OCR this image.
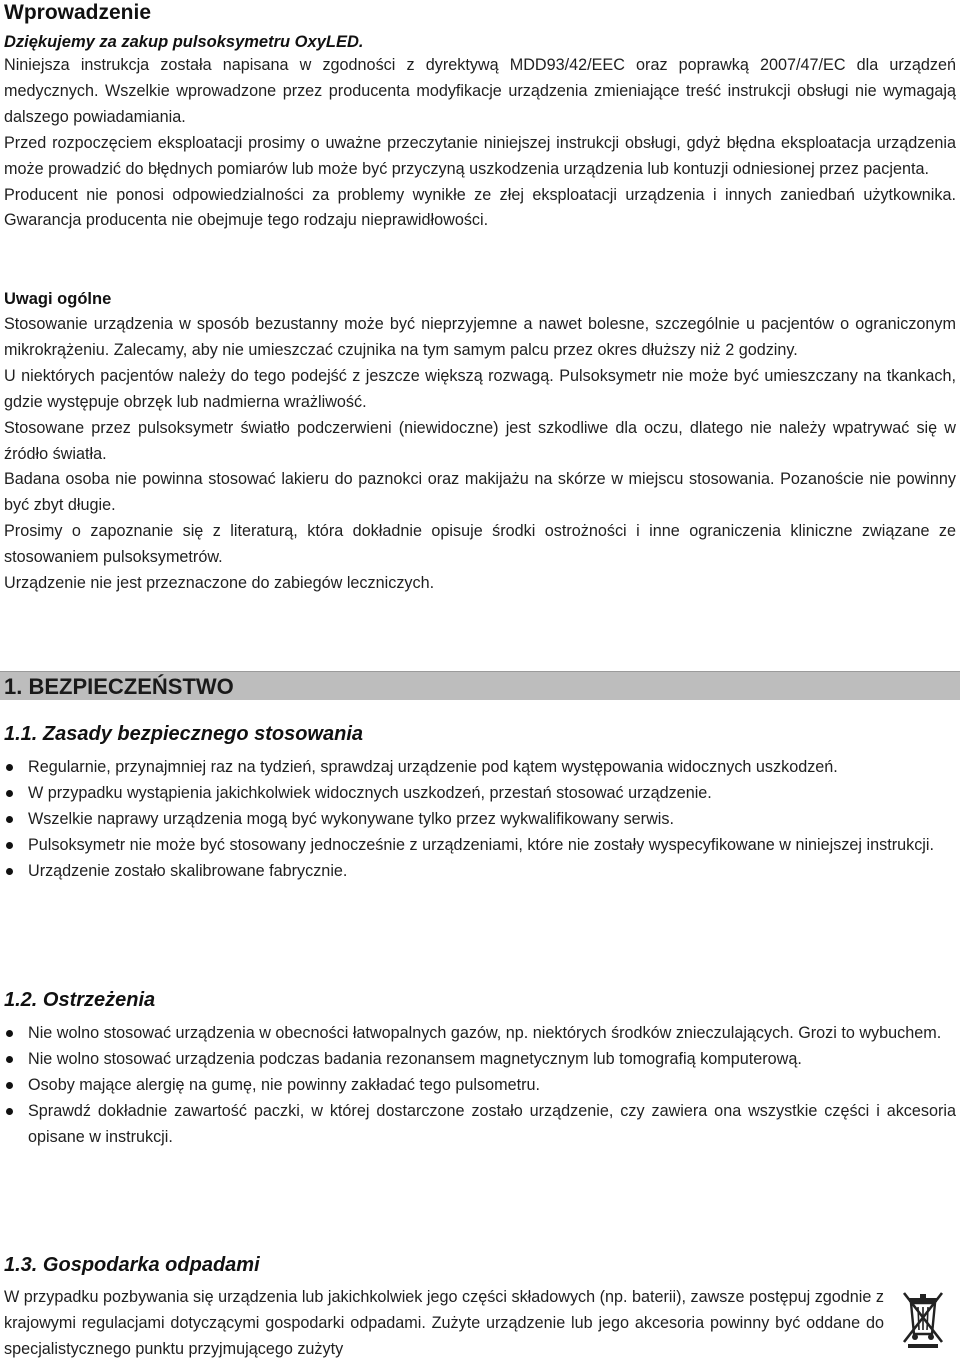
Wprowadzenie

Dziękujemy za zakup pulsoksymetru OxyLED.

Niniejsza instrukcja została napisana w zgodności z dyrektywą MDD93/42/EEC oraz poprawką 2007/47/EC dla urządzeń medycznych. Wszelkie wprowadzone przez producenta modyfikacje urządzenia zmieniające treść instrukcji obsługi nie wymagają dalszego powiadamiania.

Przed rozpoczęciem eksploatacji prosimy o uważne przeczytanie niniejszej instrukcji obsługi, gdyż błędna eksploatacja urządzenia może prowadzić do błędnych pomiarów lub może być przyczyną uszkodzenia urządzenia lub kontuzji odniesionej przez pacjenta.

Producent nie ponosi odpowiedzialności za problemy wynikłe ze złej eksploatacji urządzenia i innych zaniedbań użytkownika. Gwarancja producenta nie obejmuje tego rodzaju nieprawidłowości.

Uwagi ogólne

Stosowanie urządzenia w sposób bezustanny może być nieprzyjemne a nawet bolesne, szczególnie u pacjentów o ograniczonym mikrokrążeniu. Zalecamy, aby nie umieszczać czujnika na tym samym palcu przez okres dłuższy niż 2 godziny.

U niektórych pacjentów należy do tego podejść z jeszcze większą rozwagą. Pulsoksymetr nie może być umieszczany na tkankach, gdzie występuje obrzęk lub nadmierna wrażliwość.

Stosowane przez pulsoksymetr światło podczerwieni (niewidoczne) jest szkodliwe dla oczu, dlatego nie należy wpatrywać się w źródło światła.

Badana osoba nie powinna stosować lakieru do paznokci oraz makijażu na skórze w miejscu stosowania. Pozanoście nie powinny być zbyt długie.

Prosimy o zapoznanie się z literaturą, która dokładnie opisuje środki ostrożności i inne ograniczenia kliniczne związane ze stosowaniem pulsoksymetrów.

Urządzenie nie jest przeznaczone do zabiegów leczniczych.

1. BEZPIECZEŃSTWO
1.1. Zasady bezpiecznego stosowania
Regularnie, przynajmniej raz na tydzień, sprawdzaj urządzenie pod kątem występowania widocznych uszkodzeń.
W przypadku wystąpienia jakichkolwiek widocznych uszkodzeń, przestań stosować urządzenie.
Wszelkie naprawy urządzenia mogą być wykonywane tylko przez wykwalifikowany serwis.
Pulsoksymetr nie może być stosowany jednocześnie z urządzeniami, które nie zostały wyspecyfikowane w niniejszej instrukcji.
Urządzenie zostało skalibrowane fabrycznie.
1.2. Ostrzeżenia
Nie wolno stosować urządzenia w obecności łatwopalnych gazów, np. niektórych środków znieczulających. Grozi to wybuchem.
Nie wolno stosować urządzenia podczas badania rezonansem magnetycznym lub tomografią komputerową.
Osoby mające alergię na gumę, nie powinny zakładać tego pulsometru.
Sprawdź dokładnie zawartość paczki, w której dostarczone zostało urządzenie, czy zawiera ona wszystkie części i akcesoria opisane w instrukcji.
1.3. Gospodarka odpadami

W przypadku pozbywania się urządzenia lub jakichkolwiek jego części składowych (np. baterii), zawsze postępuj zgodnie z krajowymi regulacjami dotyczącymi gospodarki odpadami. Zużyte urządzenie lub jego akcesoria powinny być oddane do specjalistycznego punktu przyjmującego zużyty
